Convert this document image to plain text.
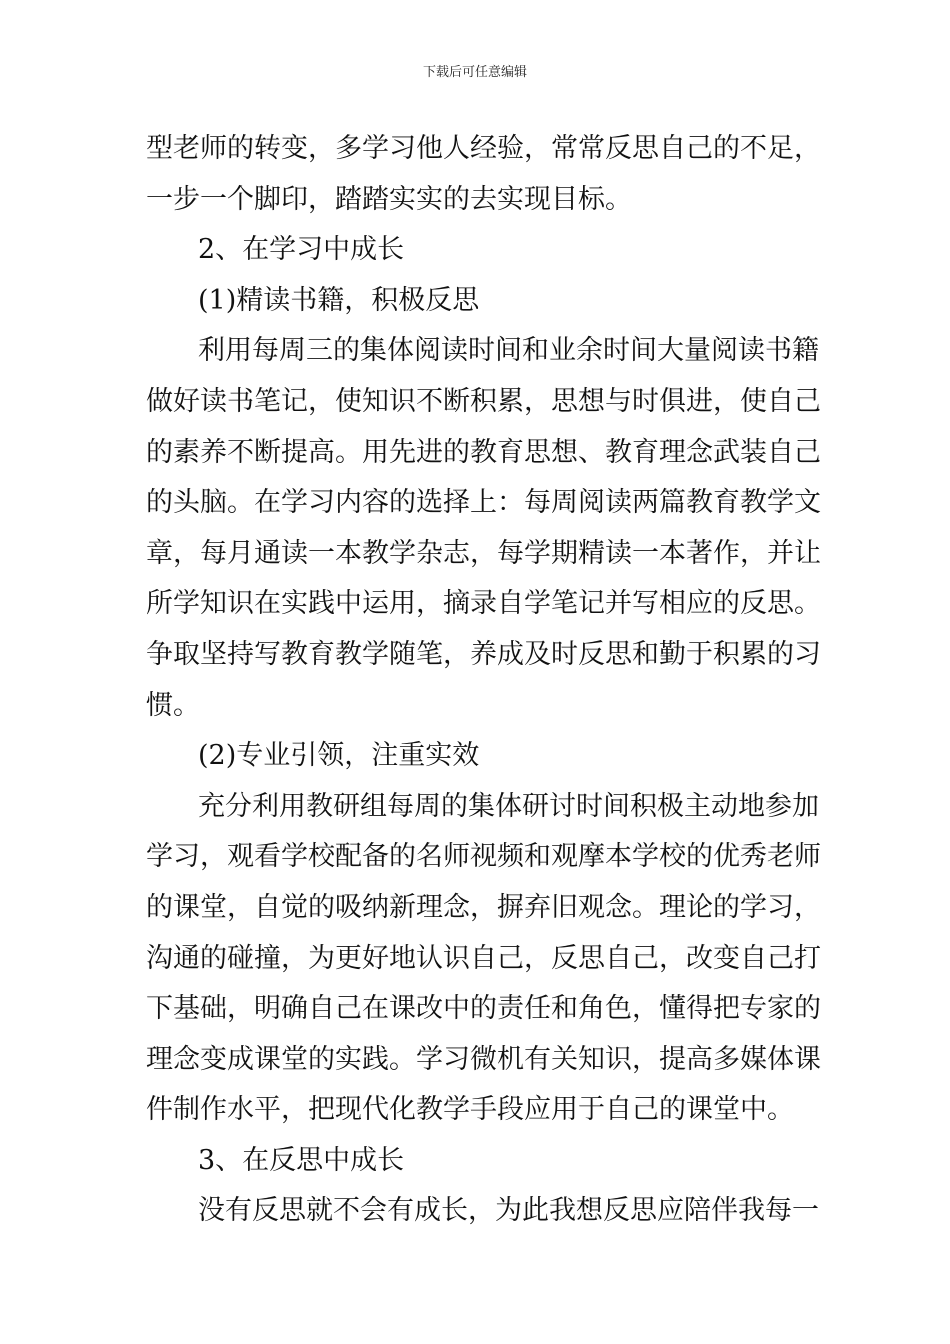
下载后可任意编辑
型老师的转变，多学习他人经验，常常反思自己的不足，
一步一个脚印，踏踏实实的去实现目标。
2、在学习中成长
(1)精读书籍，积极反思
利用每周三的集体阅读时间和业余时间大量阅读书籍
做好读书笔记，使知识不断积累，思想与时俱进，使自己
的素养不断提高。用先进的教育思想、教育理念武装自己
的头脑。在学习内容的选择上：每周阅读两篇教育教学文
章，每月通读一本教学杂志，每学期精读一本著作，并让
所学知识在实践中运用，摘录自学笔记并写相应的反思。
争取坚持写教育教学随笔，养成及时反思和勤于积累的习
惯。
(2)专业引领，注重实效
充分利用教研组每周的集体研讨时间积极主动地参加
学习，观看学校配备的名师视频和观摩本学校的优秀老师
的课堂，自觉的吸纳新理念，摒弃旧观念。理论的学习，
沟通的碰撞，为更好地认识自己，反思自己，改变自己打
下基础，明确自己在课改中的责任和角色，懂得把专家的
理念变成课堂的实践。学习微机有关知识，提高多媒体课
件制作水平，把现代化教学手段应用于自己的课堂中。
3、在反思中成长
没有反思就不会有成长，为此我想反思应陪伴我每一
